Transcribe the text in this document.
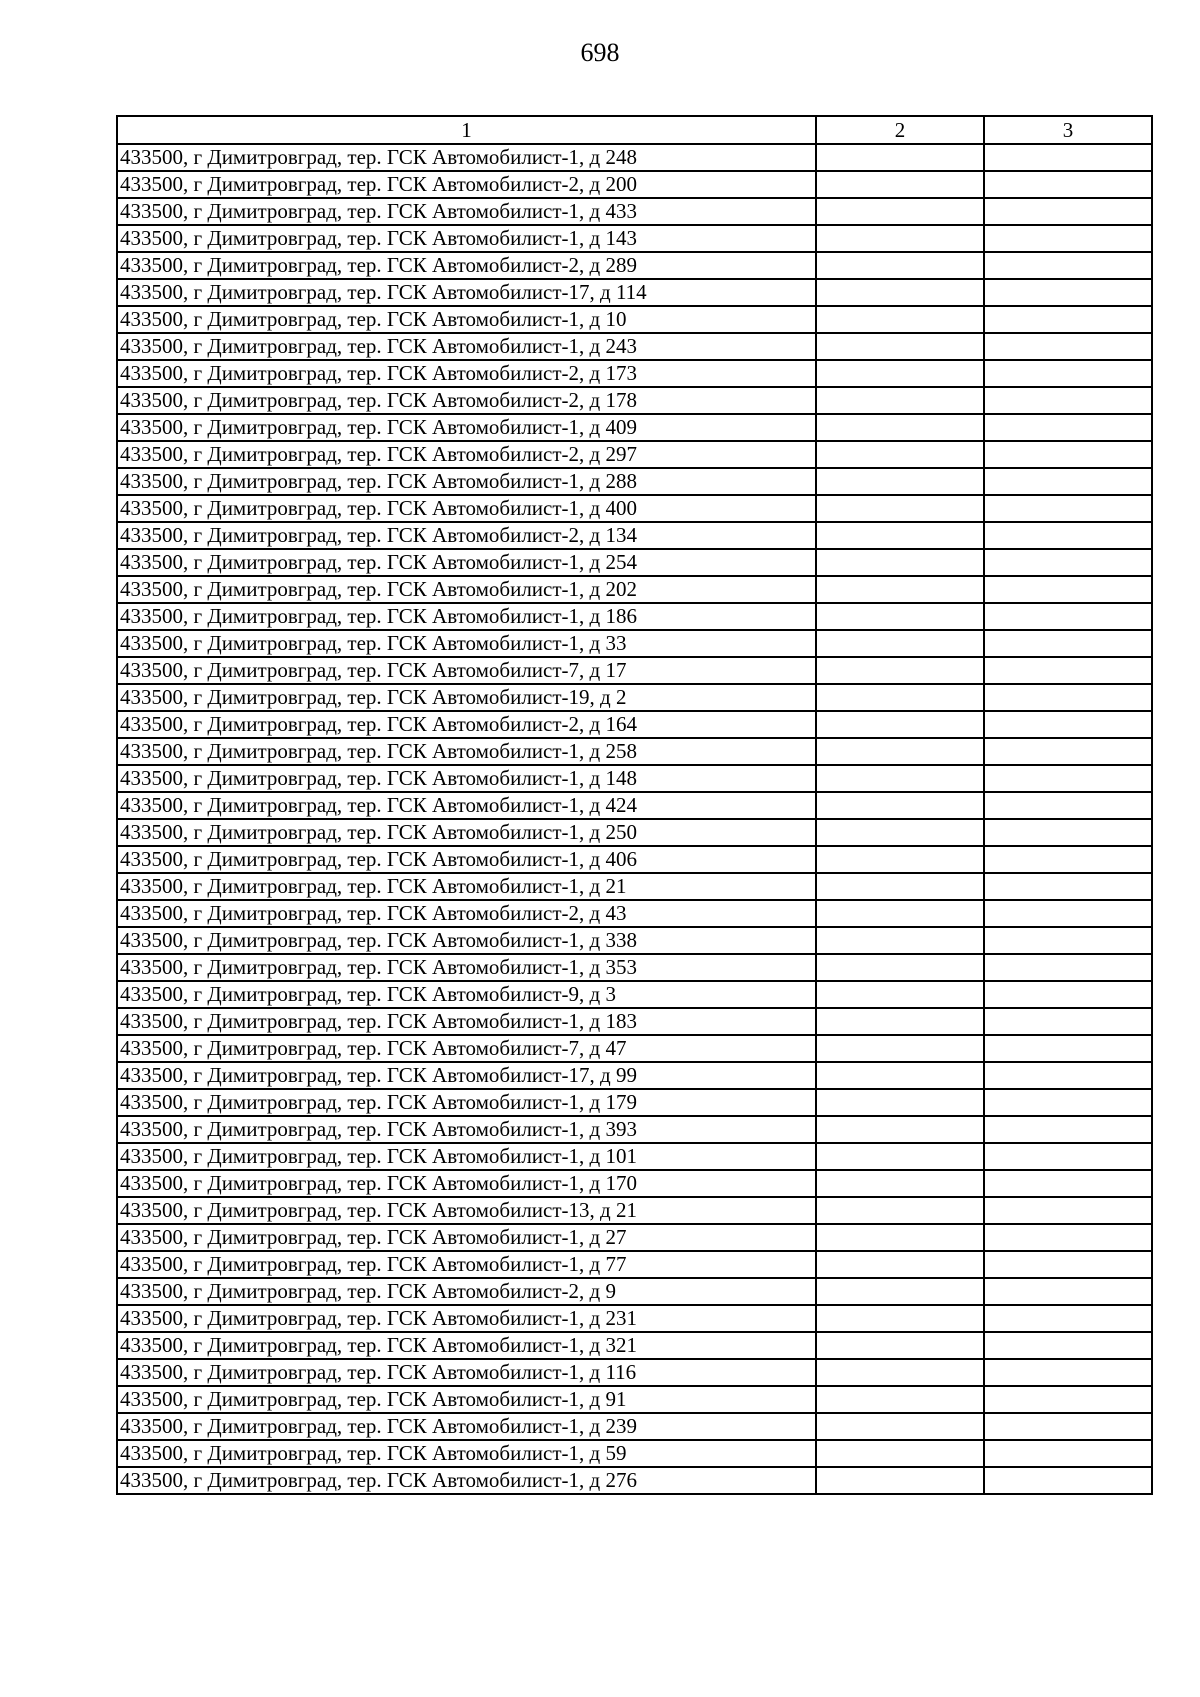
698
1	2	3
433500, г Димитровград, тер. ГСК Автомобилист-1, д 248		
433500, г Димитровград, тер. ГСК Автомобилист-2, д 200		
433500, г Димитровград, тер. ГСК Автомобилист-1, д 433		
433500, г Димитровград, тер. ГСК Автомобилист-1, д 143		
433500, г Димитровград, тер. ГСК Автомобилист-2, д 289		
433500, г Димитровград, тер. ГСК Автомобилист-17, д 114		
433500, г Димитровград, тер. ГСК Автомобилист-1, д 10		
433500, г Димитровград, тер. ГСК Автомобилист-1, д 243		
433500, г Димитровград, тер. ГСК Автомобилист-2, д 173		
433500, г Димитровград, тер. ГСК Автомобилист-2, д 178		
433500, г Димитровград, тер. ГСК Автомобилист-1, д 409		
433500, г Димитровград, тер. ГСК Автомобилист-2, д 297		
433500, г Димитровград, тер. ГСК Автомобилист-1, д 288		
433500, г Димитровград, тер. ГСК Автомобилист-1, д 400		
433500, г Димитровград, тер. ГСК Автомобилист-2, д 134		
433500, г Димитровград, тер. ГСК Автомобилист-1, д 254		
433500, г Димитровград, тер. ГСК Автомобилист-1, д 202		
433500, г Димитровград, тер. ГСК Автомобилист-1, д 186		
433500, г Димитровград, тер. ГСК Автомобилист-1, д 33		
433500, г Димитровград, тер. ГСК Автомобилист-7, д 17		
433500, г Димитровград, тер. ГСК Автомобилист-19, д 2		
433500, г Димитровград, тер. ГСК Автомобилист-2, д 164		
433500, г Димитровград, тер. ГСК Автомобилист-1, д 258		
433500, г Димитровград, тер. ГСК Автомобилист-1, д 148		
433500, г Димитровград, тер. ГСК Автомобилист-1, д 424		
433500, г Димитровград, тер. ГСК Автомобилист-1, д 250		
433500, г Димитровград, тер. ГСК Автомобилист-1, д 406		
433500, г Димитровград, тер. ГСК Автомобилист-1, д 21		
433500, г Димитровград, тер. ГСК Автомобилист-2, д 43		
433500, г Димитровград, тер. ГСК Автомобилист-1, д 338		
433500, г Димитровград, тер. ГСК Автомобилист-1, д 353		
433500, г Димитровград, тер. ГСК Автомобилист-9, д 3		
433500, г Димитровград, тер. ГСК Автомобилист-1, д 183		
433500, г Димитровград, тер. ГСК Автомобилист-7, д 47		
433500, г Димитровград, тер. ГСК Автомобилист-17, д 99		
433500, г Димитровград, тер. ГСК Автомобилист-1, д 179		
433500, г Димитровград, тер. ГСК Автомобилист-1, д 393		
433500, г Димитровград, тер. ГСК Автомобилист-1, д 101		
433500, г Димитровград, тер. ГСК Автомобилист-1, д 170		
433500, г Димитровград, тер. ГСК Автомобилист-13, д 21		
433500, г Димитровград, тер. ГСК Автомобилист-1, д 27		
433500, г Димитровград, тер. ГСК Автомобилист-1, д 77		
433500, г Димитровград, тер. ГСК Автомобилист-2, д 9		
433500, г Димитровград, тер. ГСК Автомобилист-1, д 231		
433500, г Димитровград, тер. ГСК Автомобилист-1, д 321		
433500, г Димитровград, тер. ГСК Автомобилист-1, д 116		
433500, г Димитровград, тер. ГСК Автомобилист-1, д 91		
433500, г Димитровград, тер. ГСК Автомобилист-1, д 239		
433500, г Димитровград, тер. ГСК Автомобилист-1, д 59		
433500, г Димитровград, тер. ГСК Автомобилист-1, д 276		
